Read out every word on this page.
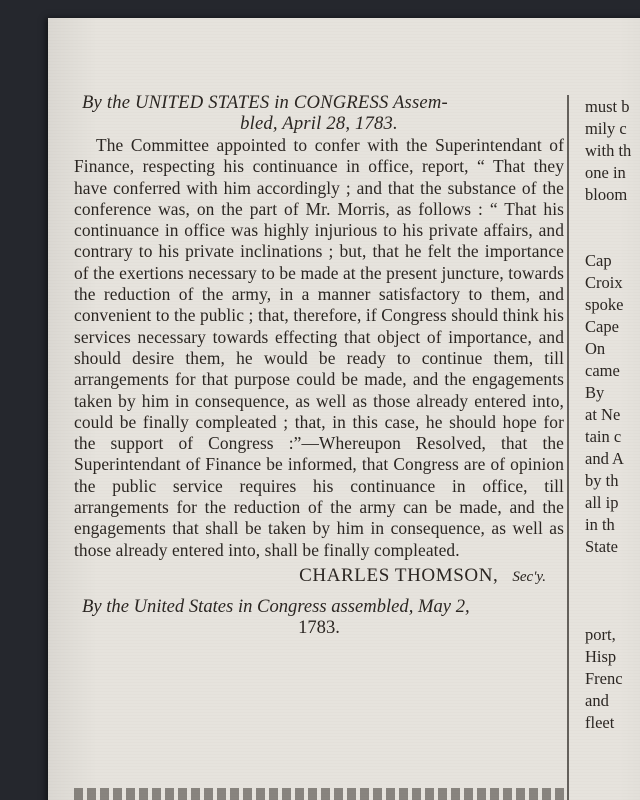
By the UNITED STATES in CONGRESS Assem-
bled, April 28, 1783.

The Committee appointed to confer with the Superintendant of Finance, respecting his continuance in office, report, “ That they have conferred with him accordingly ; and that the substance of the conference was, on the part of Mr. Morris, as follows : “ That his continuance in office was highly injurious to his private affairs, and contrary to his private inclinations ; but, that he felt the importance of the exertions necessary to be made at the present juncture, towards the reduction of the army, in a manner satisfactory to them, and convenient to the public ; that, therefore, if Congress should think his services necessary towards effecting that object of importance, and should desire them, he would be ready to continue them, till arrangements for that purpose could be made, and the engagements taken by him in consequence, as well as those already entered into, could be finally compleated ; that, in this case, he should hope for the support of Congress :”—Whereupon Resolved, that the Superintendant of Finance be informed, that Congress are of opinion the public service requires his continuance in office, till arrangements for the reduction of the army can be made, and the engagements that shall be taken by him in consequence, as well as those already entered into, shall be finally compleated.

CHARLES THOMSON, Sec'y.

By the United States in Congress assembled, May 2,
1783.

must b
mily c
with th
one in
bloom
Cap
Croix
spoke
Cape
On
came
By
at Ne
tain c
and A
by th
all ip
in th
State
port,
Hisp
Frenc
and
fleet
